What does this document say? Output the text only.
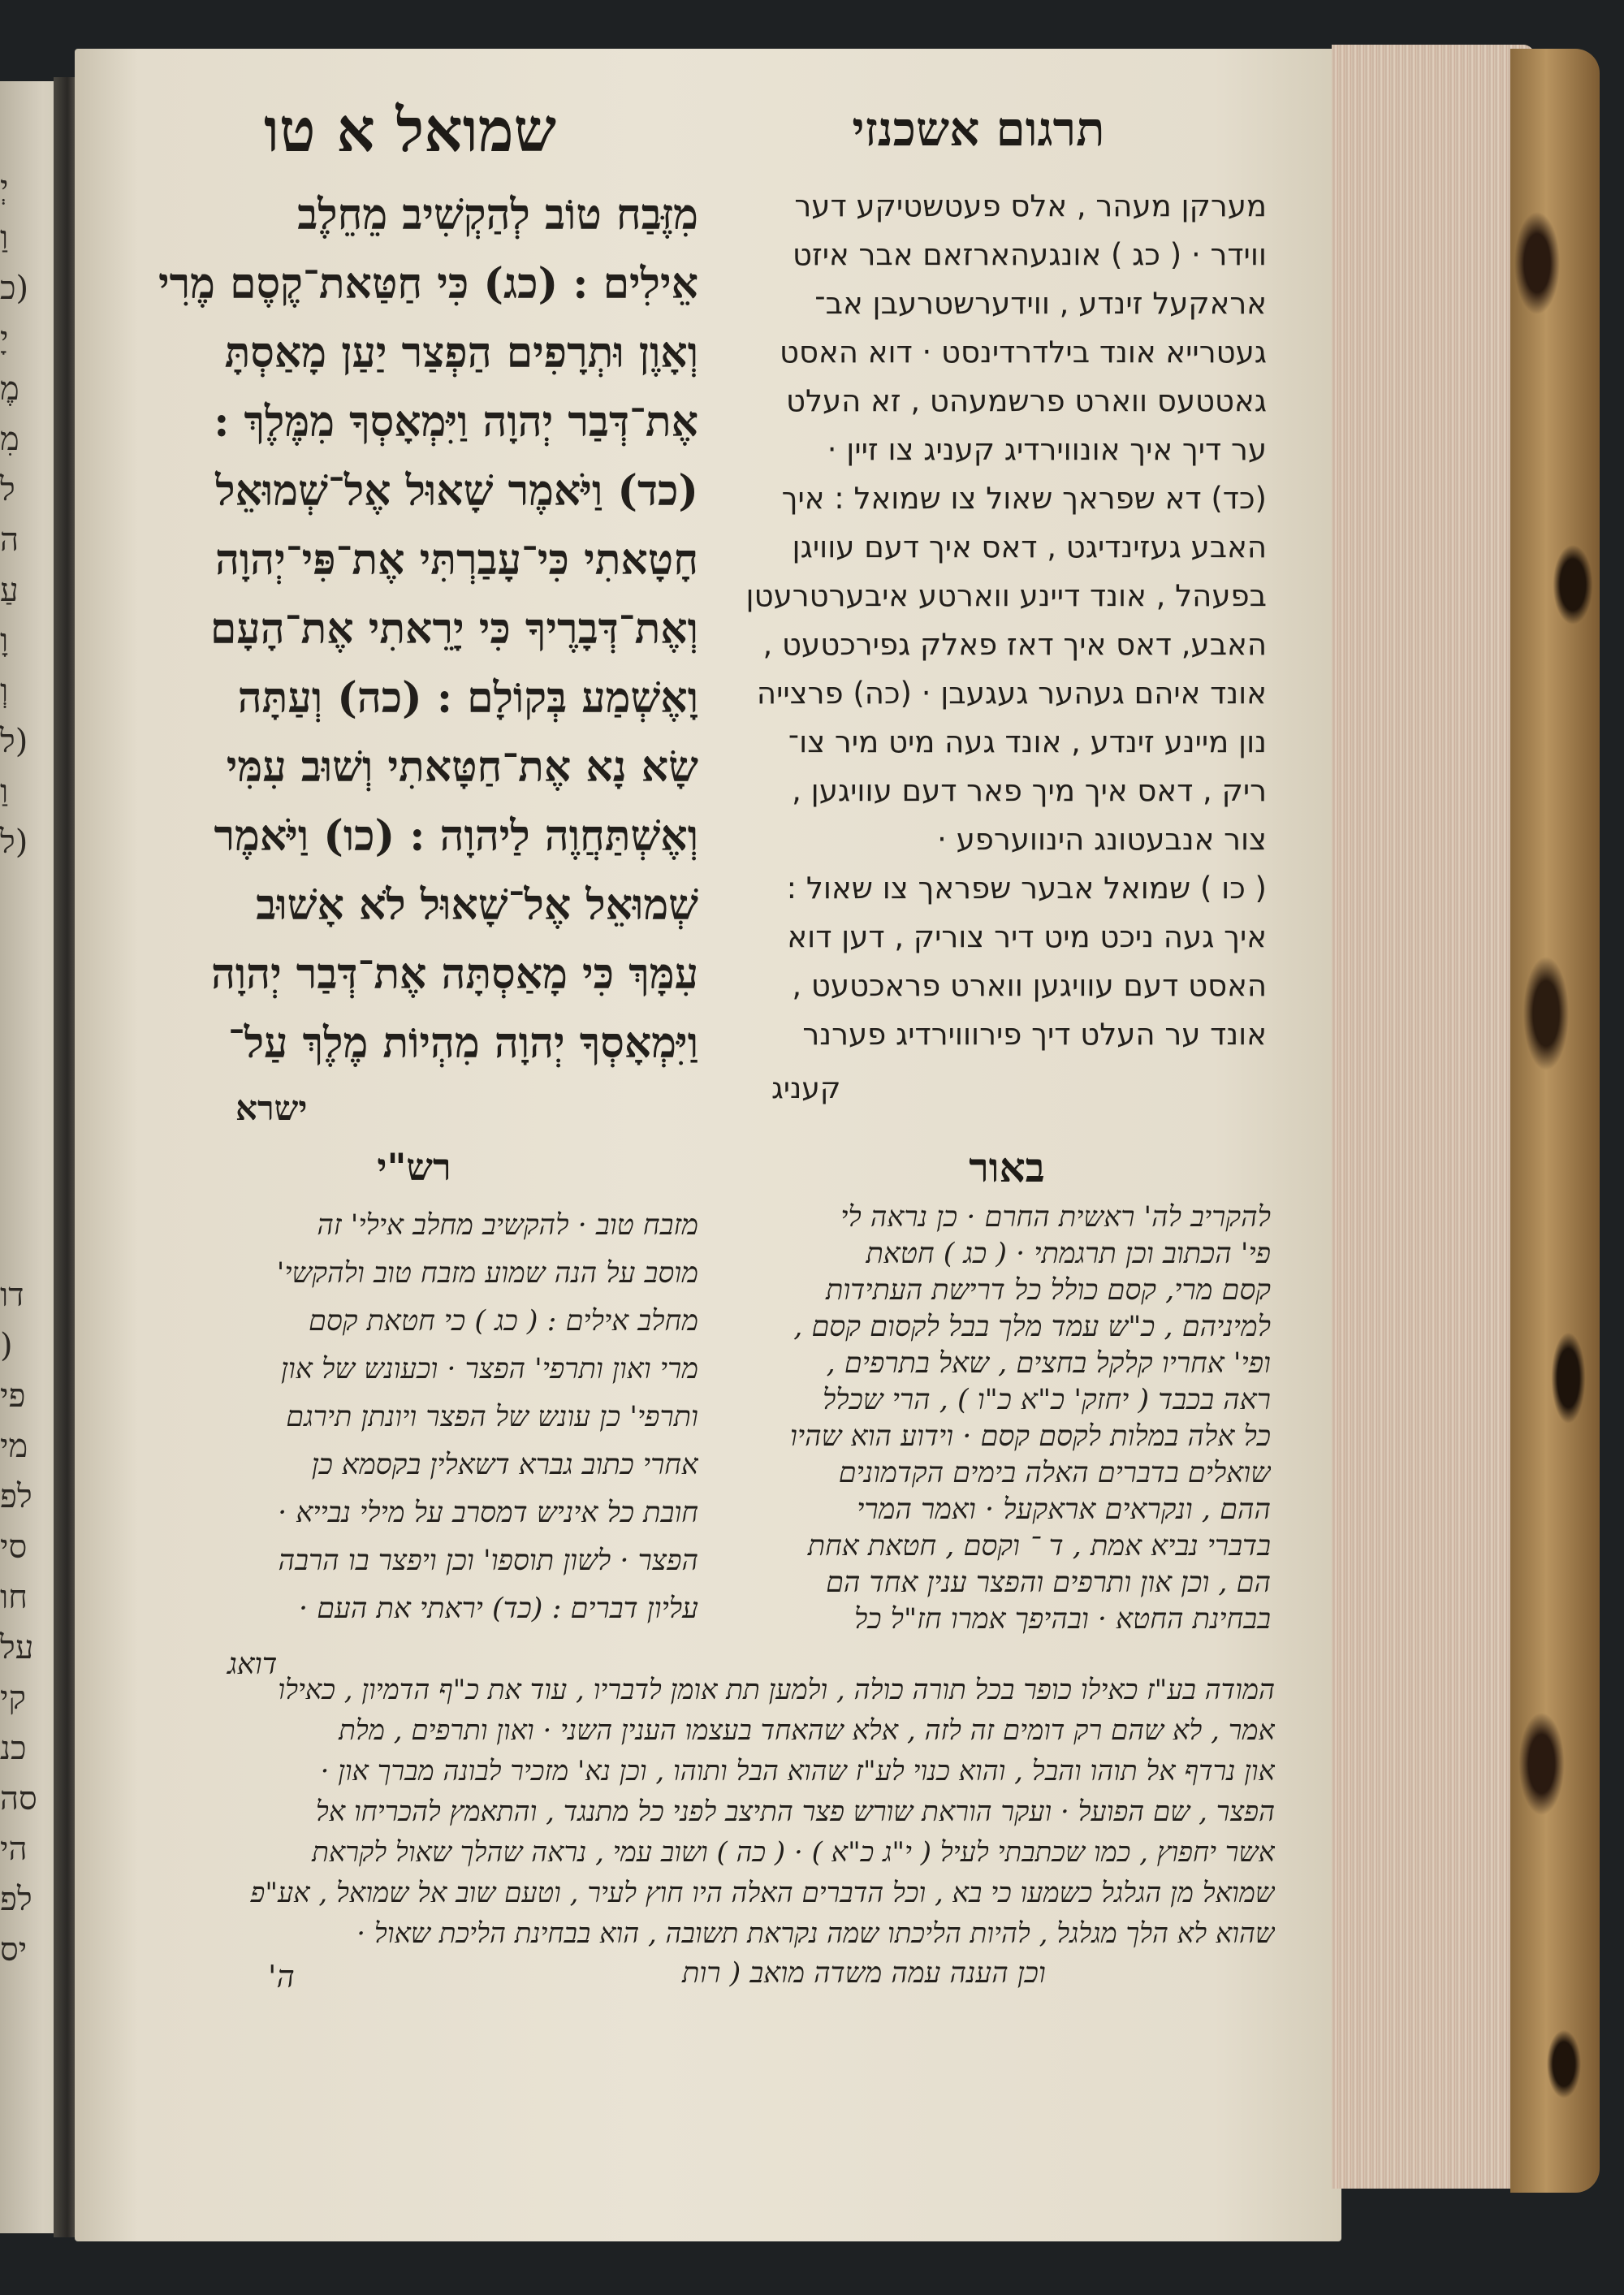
יְ
וַ
(כ
יָ
מֶ
מִ
לֹ
ה
עַ
וָ
וְ
(ל
וַ
(ל
דו
(
פי
מי
לפ
סי
חו
על
קי
כנ
סה
הי
לפ
יס
תרגום אשכנזי
שמואל א טו
מערקן מעהר , אלס פעטשטיקע דער
ווידר · ( כג ) אונגעהארזאם אבר איזט
אראקעל זינדע , ווידערשטרעבן אב־
געטרייא אונד בילדרדינסט · דוא האסט
גאטטעס ווארט פרשמעהט , זא העלט
ער דיך איך אונווירדיג קעניג צו זיין ·
(כד) דא שפראך שאול צו שמואל : איך
האבע געזינדיגט , דאס איך דעם עוויגן
בפעהל , אונד דיינע ווארטע איבערטרעטן
האבע, דאס איך דאז פאלק גפירכטעט ,
אונד איהם געהער געגעבן · (כה) פרצייה
נון מיינע זינדע , אונד געה מיט מיר צו־
ריק , דאס איך מיך פאר דעם עוויגען ,
צור אנבעטונג הינווערפע ·
( כו ) שמואל אבער שפראך צו שאול :
איך געה ניכט מיט דיר צוריק , דען דוא
האסט דעם עוויגען ווארט פראכטעט ,
אונד ער העלט דיך פירוווירדיג פערנר
קעניג
מִזֶּבַח טוֹב לְהַקְשִׁיב מֵחֵלֶב
אֵילִים : (כג) כִּי חַטַּאת־קֶסֶם מֶרִי
וְאָוֶן וּתְרָפִים הַפְצַר יַעַן מָאַסְתָּ
אֶת־דְּבַר יְהוָה וַיִּמְאָסְךָ מִמֶּלֶךְ :
(כד) וַיֹּאמֶר שָׁאוּל אֶל־שְׁמוּאֵל
חָטָאתִי כִּי־עָבַרְתִּי אֶת־פִּי־יְהוָה
וְאֶת־דְּבָרֶיךָ כִּי יָרֵאתִי אֶת־הָעָם
וָאֶשְׁמַע בְּקוֹלָם : (כה) וְעַתָּה
שָׂא נָא אֶת־חַטָּאתִי וְשׁוּב עִמִּי
וְאֶשְׁתַּחֲוֶה לַיהוָה : (כו) וַיֹּאמֶר
שְׁמוּאֵל אֶל־שָׁאוּל לֹא אָשׁוּב
עִמָּךְ כִּי מָאַסְתָּה אֶת־דְּבַר יְהוָה
וַיִּמְאָסְךָ יְהוָה מִהְיוֹת מֶלֶךְ עַל־
ישרא
רש"י	באור
מזבח טוב · להקשיב מחלב אילי' זה
מוסב על הנה שמוע מזבח טוב ולהקשי'
מחלב אילים : ( כג ) כי חטאת קסם
מרי ואון ותרפי' הפצר · וכעונש של און
ותרפי' כן עונש של הפצר ויונתן תירגם
אחרי כתוב גברא דשאלין בקסמא כן
חובת כל איניש דמסרב על מילי נבייא ·
הפצר · לשון תוספו' וכן ויפצר בו הרבה
עליון דברים : (כד) יראתי את העם ·
דואג
להקריב לה' ראשית החרם · כן נראה לי
פי' הכתוב וכן תרגמתי · ( כג ) חטאת
קסם מרי, קסם כולל כל דרישת העתידות
למיניהם , כ"ש עמד מלך בבל לקסום קסם ,
ופי' אחריו קלקל בחצים , שאל בתרפים ,
ראה בכבד ( יחזק' כ"א כ"ו ) , הרי שכלל
כל אלה במלות לקסם קסם · וידוע הוא שהיו
שואלים בדברים האלה בימים הקדמונים
ההם , ונקראים אראקעל · ואמר המרי
בדברי נביא אמת , ד ־ וקסם , חטאת אחת
הם , וכן און ותרפים והפצר ענין אחד הם
בבחינת החטא · ובהיפך אמרו חז"ל כל
המודה בע"ז כאילו כופר בכל תורה כולה , ולמען תת אומן לדבריו , עוד את כ"ף הדמיון , כאילו
אמר , לא שהם רק דומים זה לזה , אלא שהאחד בעצמו הענין השני · ואון ותרפים , מלת
און נרדף אל תוהו והבל , והוא כנוי לע"ז שהוא הבל ותוהו , וכן נא' מזכיר לבונה מברך און ·
הפצר , שם הפועל · ועקר הוראת שורש פצר התיצב לפני כל מתנגד , והתאמץ להכריחו אל
אשר יחפוץ , כמו שכתבתי לעיל ( י"ג כ"א ) · ( כה ) ושוב עמי , נראה שהלך שאול לקראת
שמואל מן הגלגל כשמעו כי בא , וכל הדברים האלה היו חוץ לעיר , וטעם שוב אל שמואל , אע"פ
שהוא לא הלך מגלגל , להיות הליכתו שמה נקראת תשובה , הוא בבחינת הליכת שאול ·
וכן הענה עמה משדה מואב ( רות
ה'
